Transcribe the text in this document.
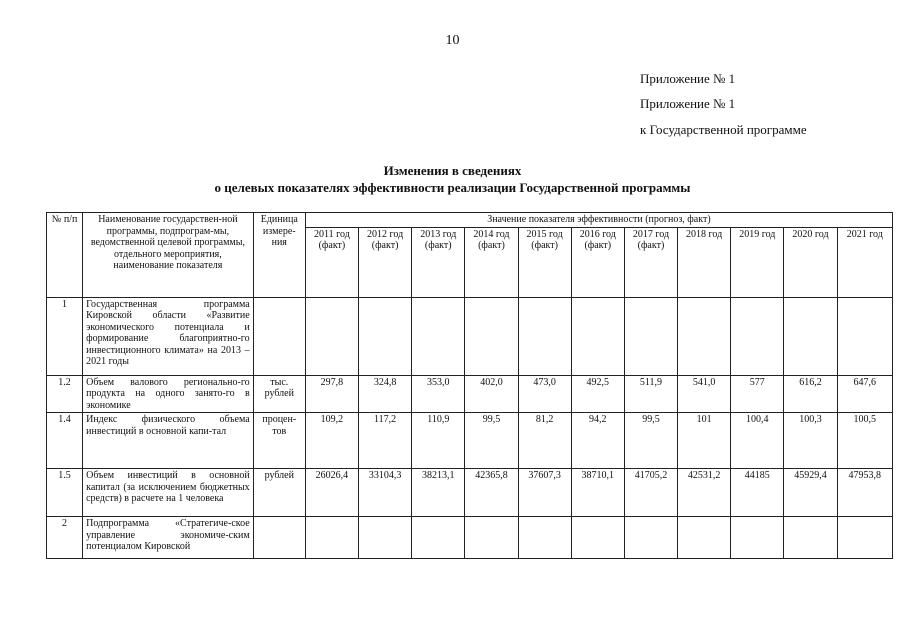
10
Приложение № 1
Приложение № 1
к Государственной программе
Изменения в сведениях
о целевых показателях эффективности реализации Государственной программы
№ п/п	Наименование государствен-ной программы, подпрограм-мы, ведомственной целевой программы, отдельного мероприятия, наименование показателя	Единица измере-ния	Значение показателя эффективности (прогноз, факт)										
			2011 год (факт)	2012 год (факт)	2013 год (факт)	2014 год (факт)	2015 год (факт)	2016 год (факт)	2017 год (факт)	2018 год	2019 год	2020 год	2021 год
1	Государственная программа Кировской области «Развитие экономического потенциала и формирование благоприятно-го инвестиционного климата» на 2013 – 2021 годы												
1.2	Объем валового регионально-го продукта на одного занято-го в экономике	тыс. рублей	297,8	324,8	353,0	402,0	473,0	492,5	511,9	541,0	577	616,2	647,6
1.4	Индекс физического объема инвестиций в основной капи-тал	процен-тов	109,2	117,2	110,9	99,5	81,2	94,2	99,5	101	100,4	100,3	100,5
1.5	Объем инвестиций в основной капитал (за исключением бюджетных средств) в расчете на 1 человека	рублей	26026,4	33104,3	38213,1	42365,8	37607,3	38710,1	41705,2	42531,2	44185	45929,4	47953,8
2	Подпрограмма «Стратегиче-ское управление экономиче-ским потенциалом Кировской												
